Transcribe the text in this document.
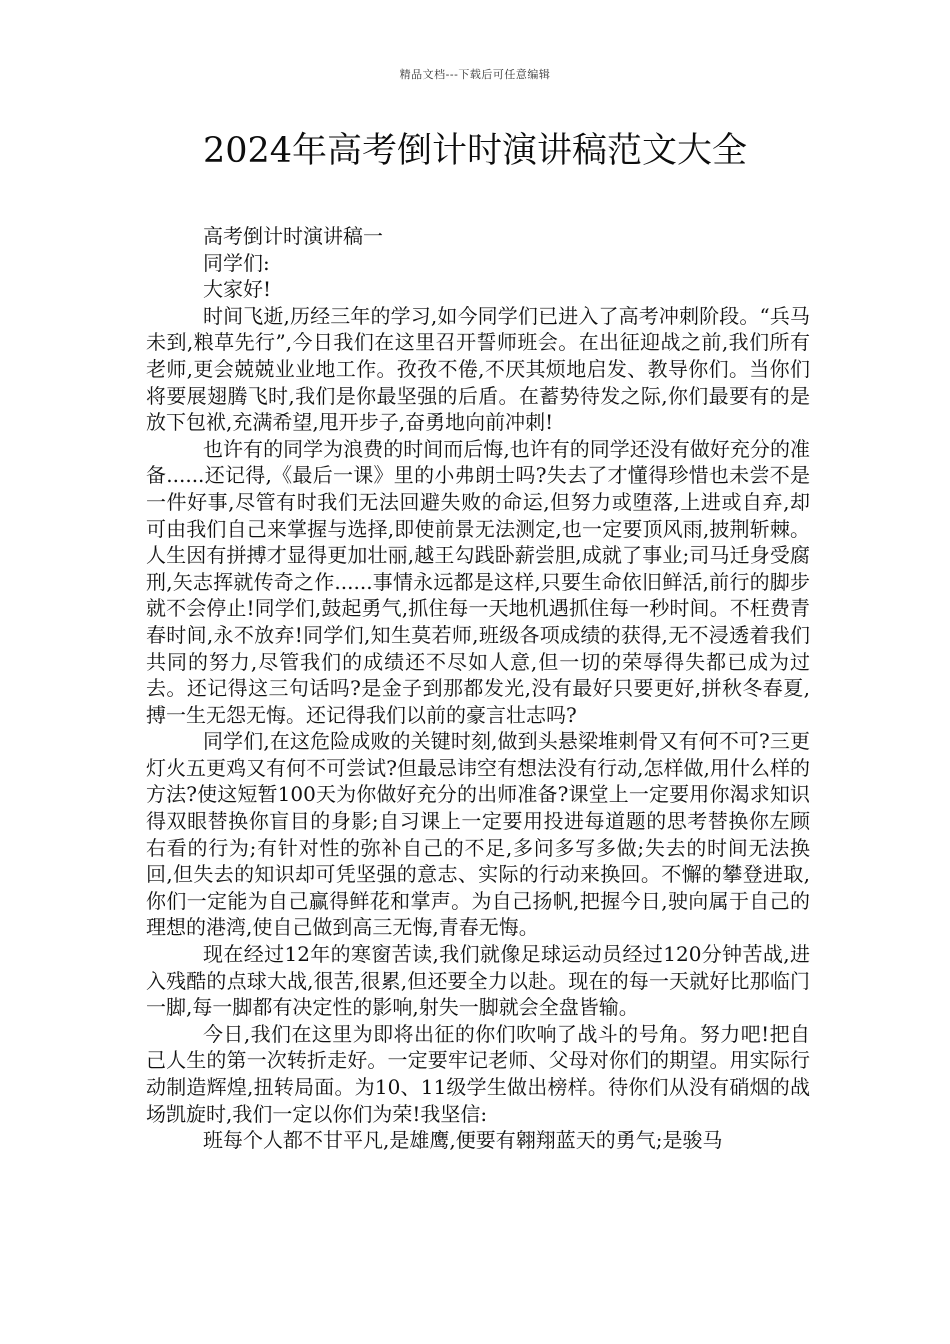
精品文档---下载后可任意编辑
2024年高考倒计时演讲稿范文大全

高考倒计时演讲稿一

同学们:

大家好!

时间飞逝,历经三年的学习,如今同学们已进入了高考冲刺阶段。“兵马未到,粮草先行”,今日我们在这里召开誓师班会。在出征迎战之前,我们所有老师,更会兢兢业业地工作。孜孜不倦,不厌其烦地启发、教导你们。当你们将要展翅腾飞时,我们是你最坚强的后盾。在蓄势待发之际,你们最要有的是放下包袱,充满希望,甩开步子,奋勇地向前冲刺!

也许有的同学为浪费的时间而后悔,也许有的同学还没有做好充分的准备......还记得,《最后一课》里的小弗朗士吗?失去了才懂得珍惜也未尝不是一件好事,尽管有时我们无法回避失败的命运,但努力或堕落,上进或自弃,却可由我们自己来掌握与选择,即使前景无法测定,也一定要顶风雨,披荆斩棘。人生因有拼搏才显得更加壮丽,越王勾践卧薪尝胆,成就了事业;司马迁身受腐刑,矢志挥就传奇之作......事情永远都是这样,只要生命依旧鲜活,前行的脚步就不会停止!同学们,鼓起勇气,抓住每一天地机遇抓住每一秒时间。不枉费青春时间,永不放弃!同学们,知生莫若师,班级各项成绩的获得,无不浸透着我们共同的努力,尽管我们的成绩还不尽如人意,但一切的荣辱得失都已成为过去。还记得这三句话吗?是金子到那都发光,没有最好只要更好,拼秋冬春夏,搏一生无怨无悔。还记得我们以前的豪言壮志吗?

同学们,在这危险成败的关键时刻,做到头悬梁堆刺骨又有何不可?三更灯火五更鸡又有何不可尝试?但最忌讳空有想法没有行动,怎样做,用什么样的方法?使这短暂100天为你做好充分的出师准备?课堂上一定要用你渴求知识得双眼替换你盲目的身影;自习课上一定要用投进每道题的思考替换你左顾右看的行为;有针对性的弥补自己的不足,多问多写多做;失去的时间无法换回,但失去的知识却可凭坚强的意志、实际的行动来换回。不懈的攀登进取,你们一定能为自己赢得鲜花和掌声。为自己扬帆,把握今日,驶向属于自己的理想的港湾,使自己做到高三无悔,青春无悔。

现在经过12年的寒窗苦读,我们就像足球运动员经过120分钟苦战,进入残酷的点球大战,很苦,很累,但还要全力以赴。现在的每一天就好比那临门一脚,每一脚都有决定性的影响,射失一脚就会全盘皆输。

今日,我们在这里为即将出征的你们吹响了战斗的号角。努力吧!把自己人生的第一次转折走好。一定要牢记老师、父母对你们的期望。用实际行动制造辉煌,扭转局面。为10、11级学生做出榜样。待你们从没有硝烟的战场凯旋时,我们一定以你们为荣!我坚信:

班每个人都不甘平凡,是雄鹰,便要有翱翔蓝天的勇气;是骏马
